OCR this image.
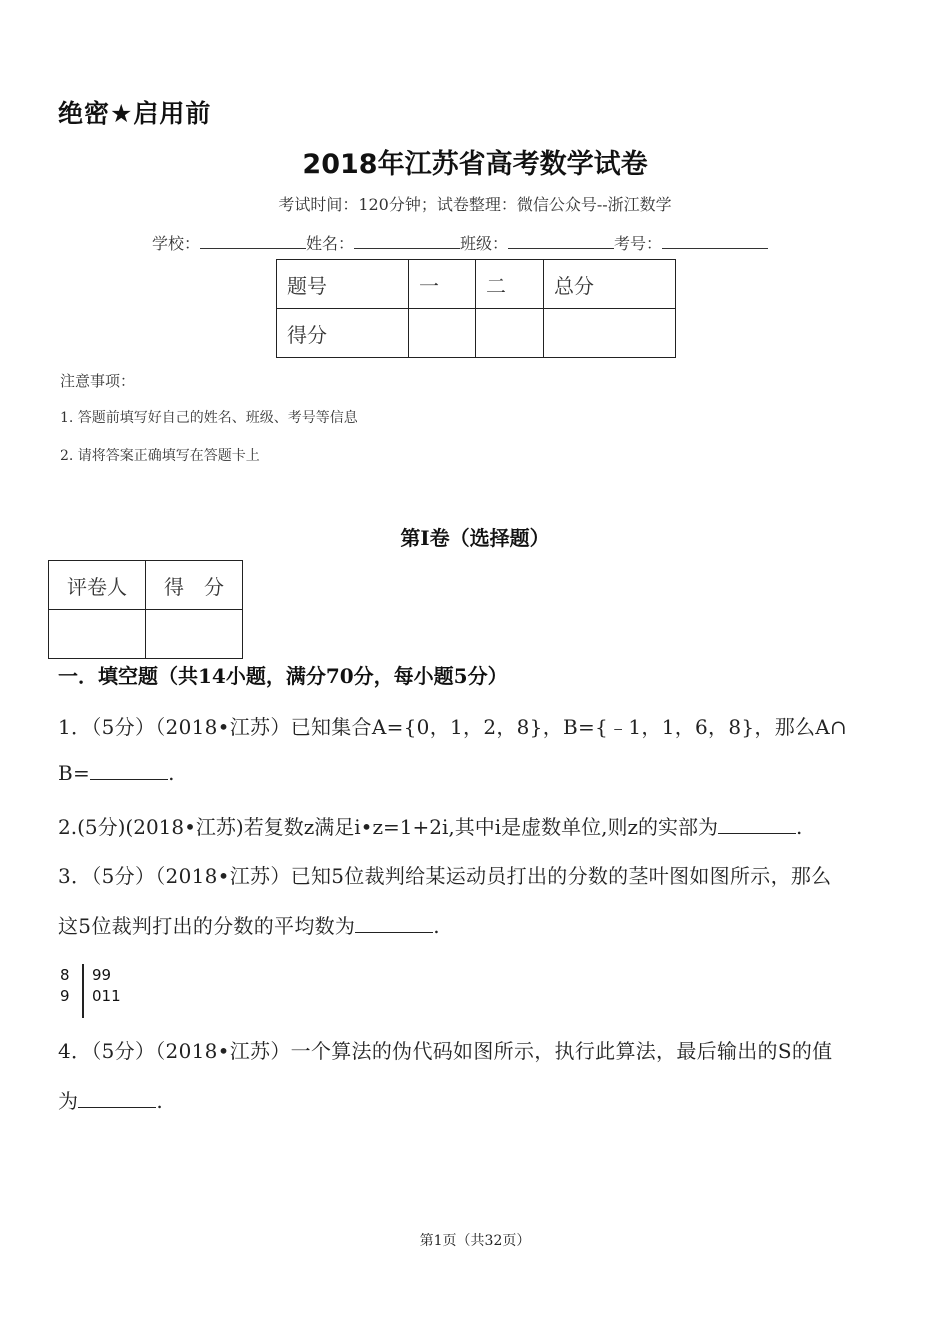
绝密★启用前
2018年江苏省高考数学试卷
考试时间：120分钟；试卷整理：微信公众号--浙江数学
学校：	姓名：	班级：	考号：
题号	一	二	总分
得分			
注意事项：
1. 答题前填写好自己的姓名、班级、考号等信息
2. 请将答案正确填写在答题卡上
第Ⅰ卷（选择题）
评卷人	得　分

一．填空题（共14小题，满分70分，每小题5分）
1．（5分）（2018•江苏）已知集合A={0，1，2，8}，B={﹣1，1，6，8}，那么A∩
B=	.
2.(5分)(2018•江苏)若复数z满足i•z=1+2i,其中i是虚数单位,则z的实部为	.
3．（5分）（2018•江苏）已知5位裁判给某运动员打出的分数的茎叶图如图所示，那么
这5位裁判打出的分数的平均数为	.
8 99
9 011
4．（5分）（2018•江苏）一个算法的伪代码如图所示，执行此算法，最后输出的S的值
为	.
第1页（共32页）
